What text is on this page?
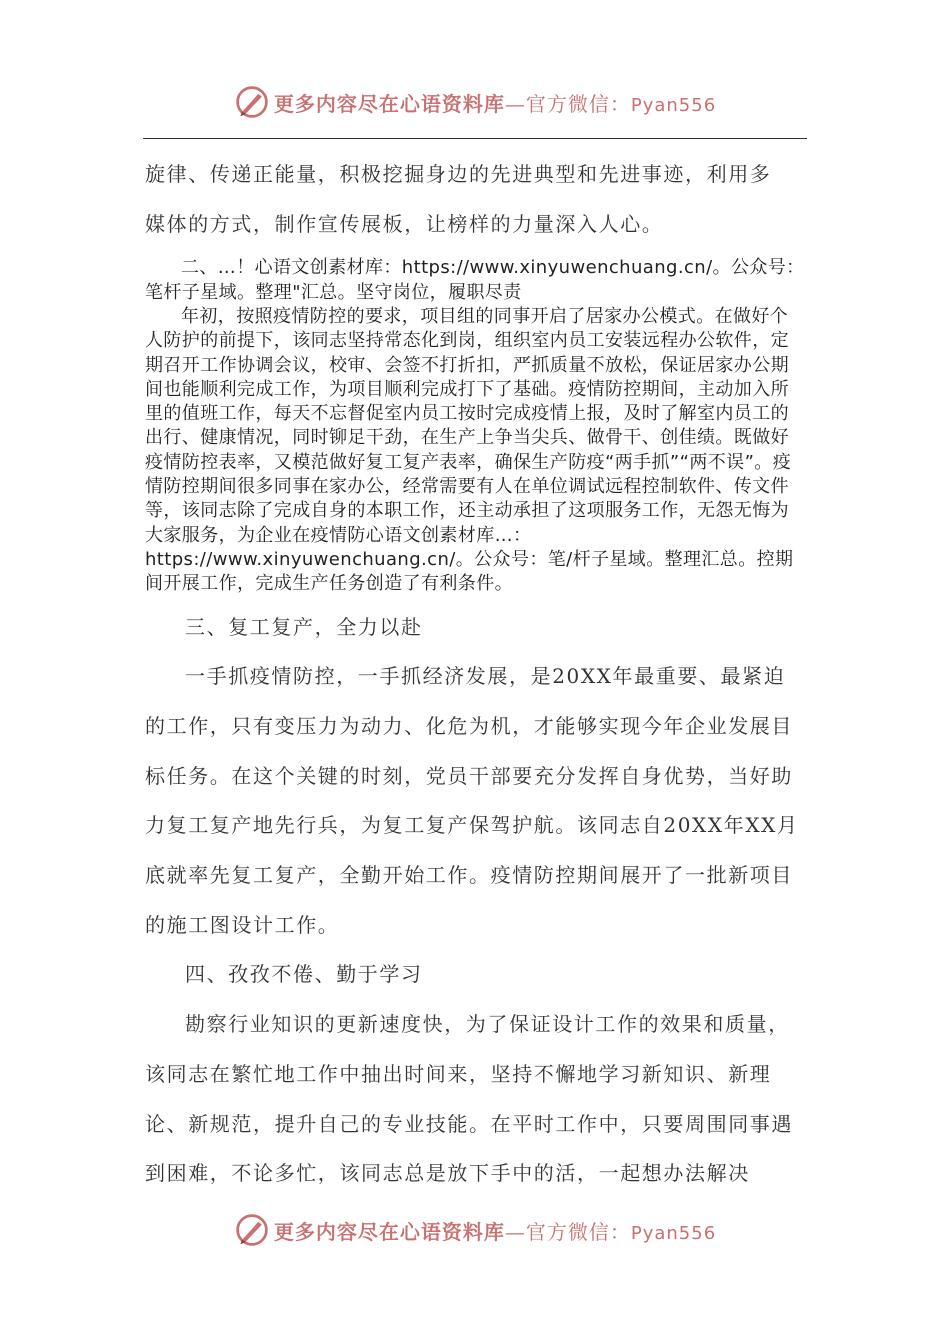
更多内容尽在心语资料库—官方微信：Pyan556

旋律、传递正能量，积极挖掘身边的先进典型和先进事迹，利用多

媒体的方式，制作宣传展板，让榜样的力量深入人心。

二、…！心语文创素材库：https://www.xinyuwenchuang.cn/。公众号：笔杆子星域。整理"汇总。坚守岗位，履职尽责

年初，按照疫情防控的要求，项目组的同事开启了居家办公模式。在做好个人防护的前提下，该同志坚持常态化到岗，组织室内员工安装远程办公软件，定期召开工作协调会议，校审、会签不打折扣，严抓质量不放松，保证居家办公期间也能顺利完成工作，为项目顺利完成打下了基础。疫情防控期间，主动加入所里的值班工作，每天不忘督促室内员工按时完成疫情上报，及时了解室内员工的出行、健康情况，同时铆足干劲，在生产上争当尖兵、做骨干、创佳绩。既做好疫情防控表率，又模范做好复工复产表率，确保生产防疫“两手抓”“两不误”。疫情防控期间很多同事在家办公，经常需要有人在单位调试远程控制软件、传文件等，该同志除了完成自身的本职工作，还主动承担了这项服务工作，无怨无悔为大家服务，为企业在疫情防心语文创素材库…：https://www.xinyuwenchuang.cn/。公众号：笔/杆子星域。整理汇总。控期间开展工作，完成生产任务创造了有利条件。

三、复工复产，全力以赴

一手抓疫情防控，一手抓经济发展，是20XX年最重要、最紧迫的工作，只有变压力为动力、化危为机，才能够实现今年企业发展目标任务。在这个关键的时刻，党员干部要充分发挥自身优势，当好助力复工复产地先行兵，为复工复产保驾护航。该同志自20XX年XX月底就率先复工复产，全勤开始工作。疫情防控期间展开了一批新项目的施工图设计工作。

四、孜孜不倦、勤于学习

勘察行业知识的更新速度快，为了保证设计工作的效果和质量，该同志在繁忙地工作中抽出时间来，坚持不懈地学习新知识、新理论、新规范，提升自己的专业技能。在平时工作中，只要周围同事遇到困难，不论多忙，该同志总是放下手中的活，一起想办法解决

更多内容尽在心语资料库—官方微信：Pyan556
